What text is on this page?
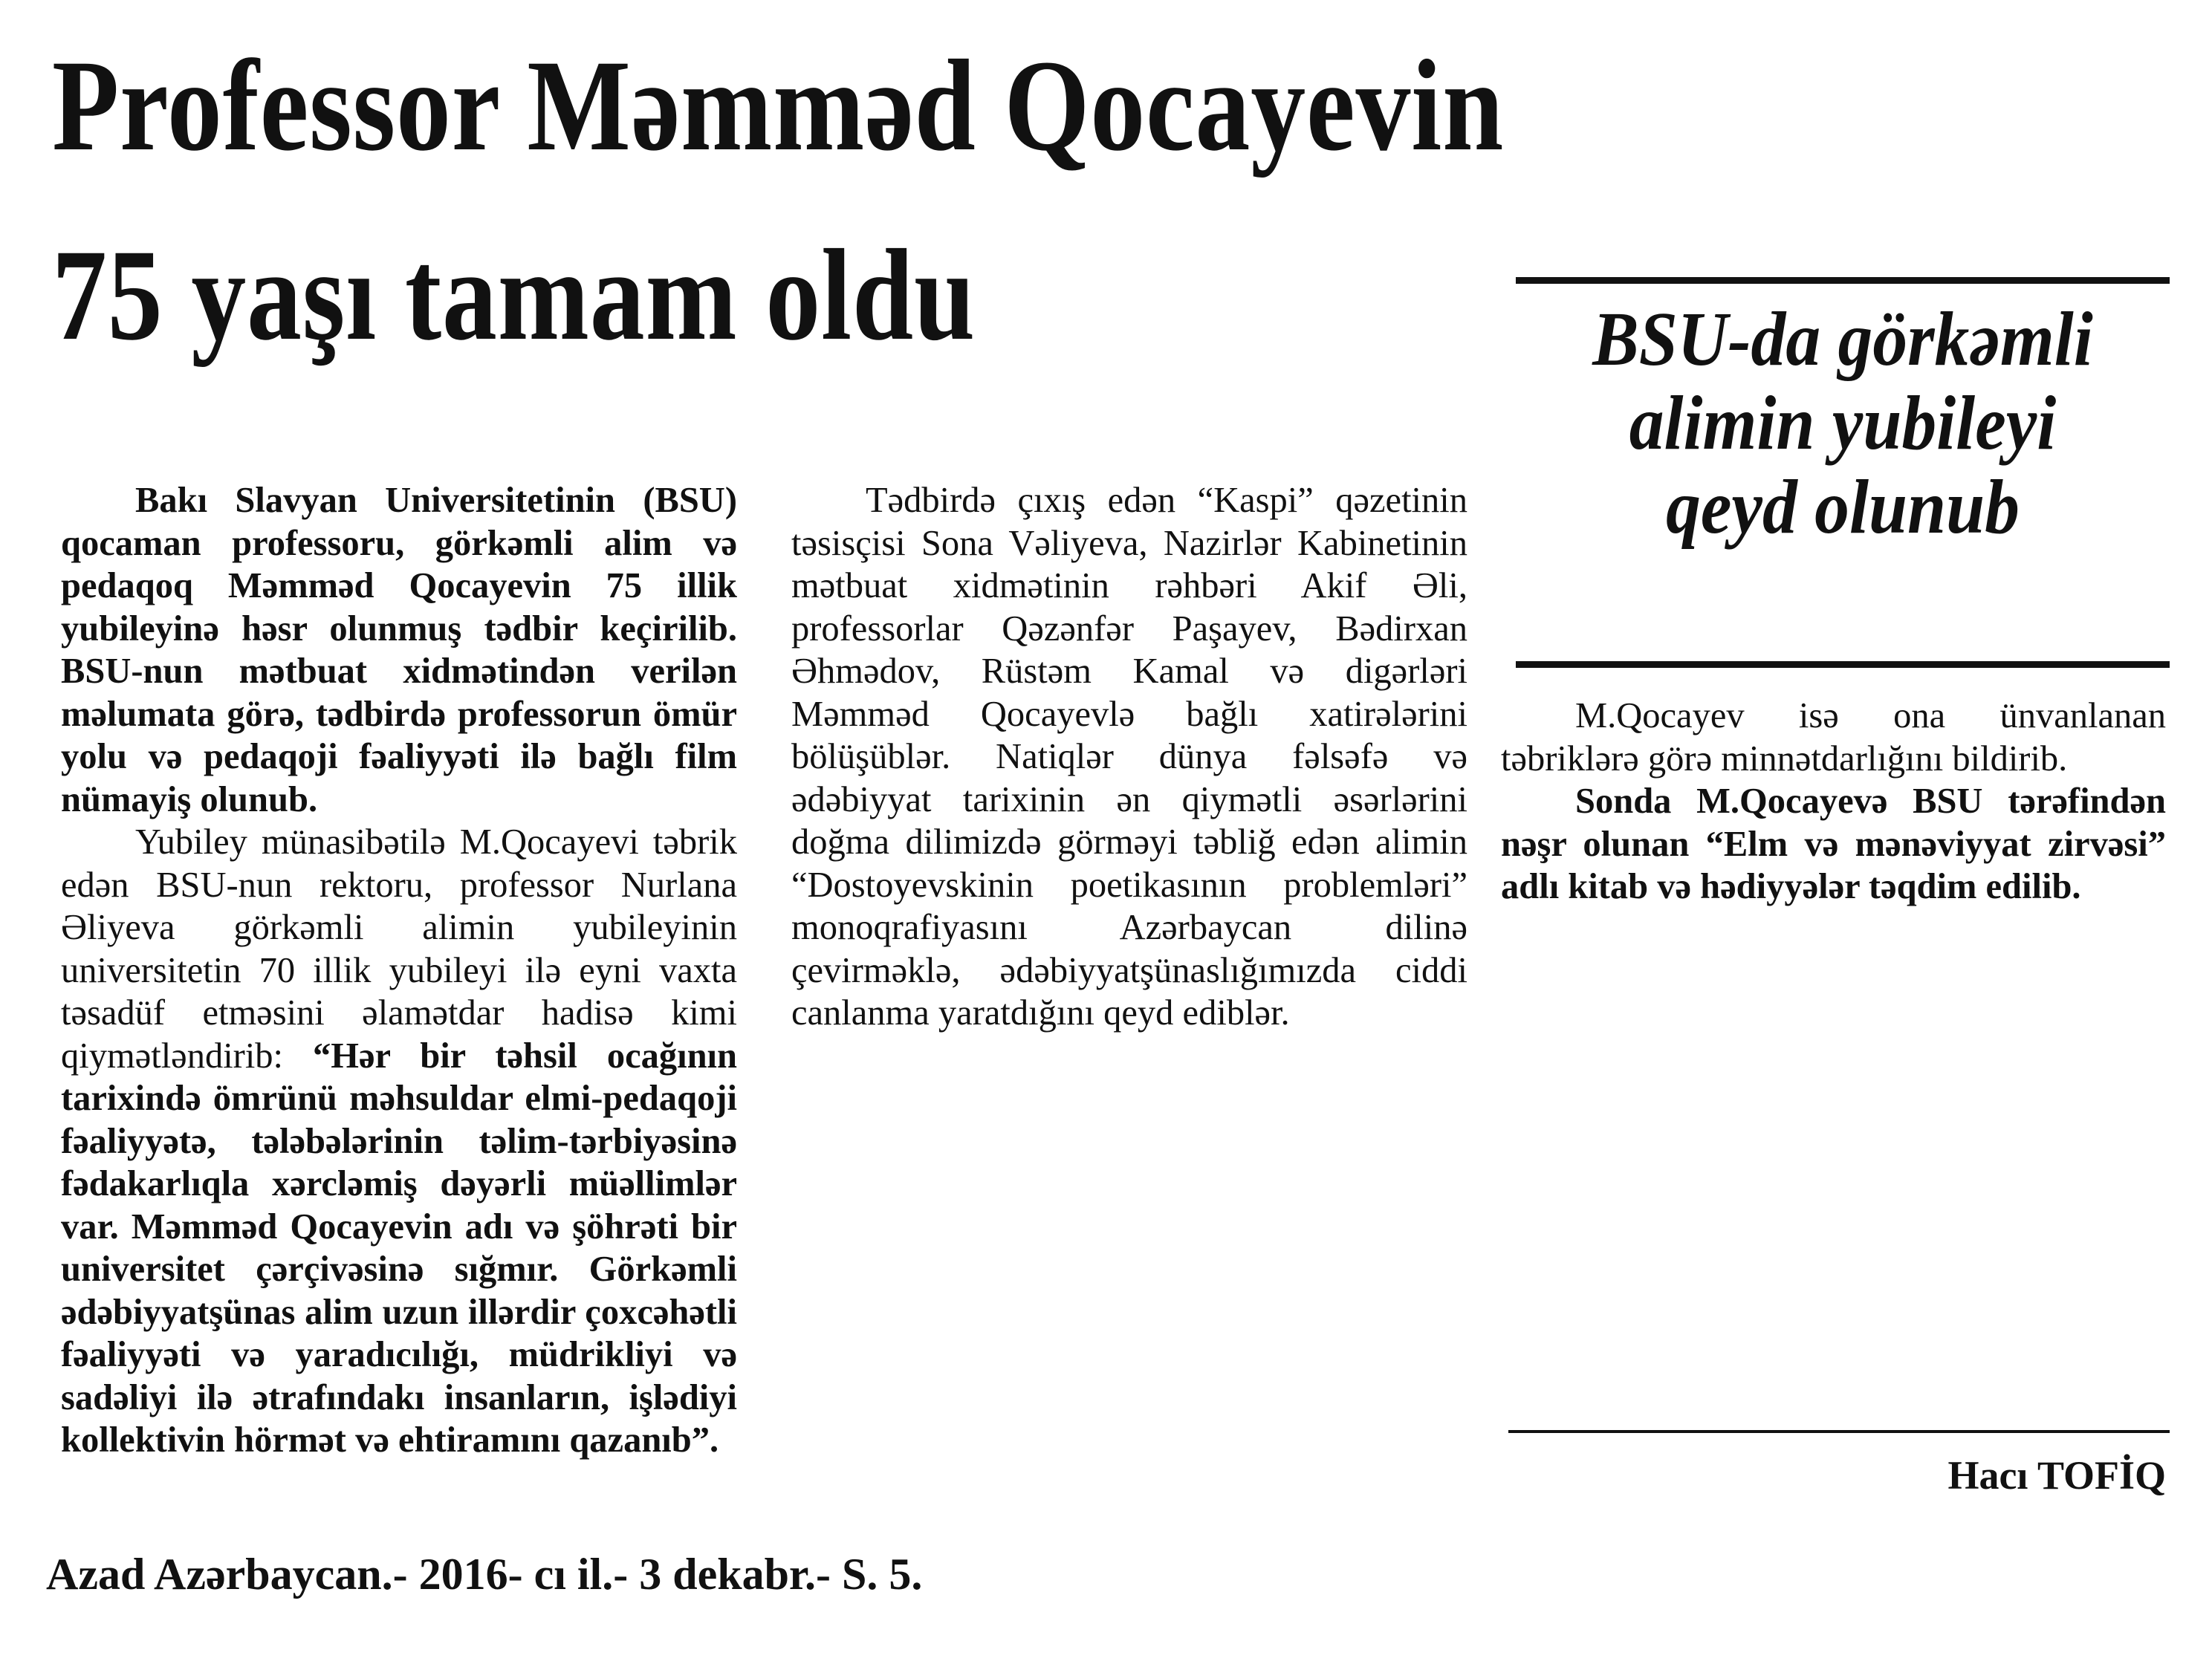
Professor Məmməd Qocayevin
75 yaşı tamam oldu	BSU-da görkəmli
alimin yubileyi
qeyd olunub

Bakı Slavyan Universitetinin (BSU) qocaman professoru, görkəmli alim və pedaqoq Məmməd Qocayevin 75 illik yubileyinə həsr olunmuş tədbir keçirilib. BSU-nun mətbuat xidmətindən verilən məlumata görə, tədbirdə professorun ömür yolu və pedaqoji fəaliyyəti ilə bağlı film nümayiş olunub.

Yubiley münasibətilə M.Qocayevi təbrik edən BSU-nun rektoru, professor Nurlana Əliyeva görkəmli alimin yubileyinin universitetin 70 illik yubileyi ilə eyni vaxta təsadüf etməsini əlamətdar hadisə kimi qiymətləndirib: “Hər bir təhsil ocağının tarixində ömrünü məhsuldar elmi-pedaqoji fəaliyyətə, tələbələrinin təlim-tərbiyəsinə fədakarlıqla xərcləmiş dəyərli müəllimlər var. Məmməd Qocayevin adı və şöhrəti bir universitet çərçivəsinə sığmır. Görkəmli ədəbiyyatşünas alim uzun illərdir çoxcəhətli fəaliyyəti və yaradıcılığı, müdrikliyi və sadəliyi ilə ətrafındakı insanların, işlədiyi kollektivin hörmət və ehtiramını qazanıb”.

Tədbirdə çıxış edən “Kaspi” qəzetinin təsisçisi Sona Vəliyeva, Nazirlər Kabinetinin mətbuat xidmətinin rəhbəri Akif Əli, professorlar Qəzənfər Paşayev, Bədirxan Əhmədov, Rüstəm Kamal və digərləri Məmməd Qocayevlə bağlı xatirələrini bölüşüblər. Natiqlər dünya fəlsəfə və ədəbiyyat tarixinin ən qiymətli əsərlərini doğma dilimizdə görməyi təbliğ edən alimin “Dostoyevskinin poetikasının problemləri” monoqrafiyasını Azərbaycan dilinə çevirməklə, ədəbiyyatşünaslığımızda ciddi canlanma yaratdığını qeyd ediblər.

M.Qocayev isə ona ünvanlanan təbriklərə görə minnətdarlığını bildirib.

Sonda M.Qocayevə BSU tərəfindən nəşr olunan “Elm və mənəviyyat zirvəsi” adlı kitab və hədiyyələr təqdim edilib.

Hacı TOFİQ
Azad Azərbaycan.- 2016- cı il.- 3 dekabr.- S. 5.
